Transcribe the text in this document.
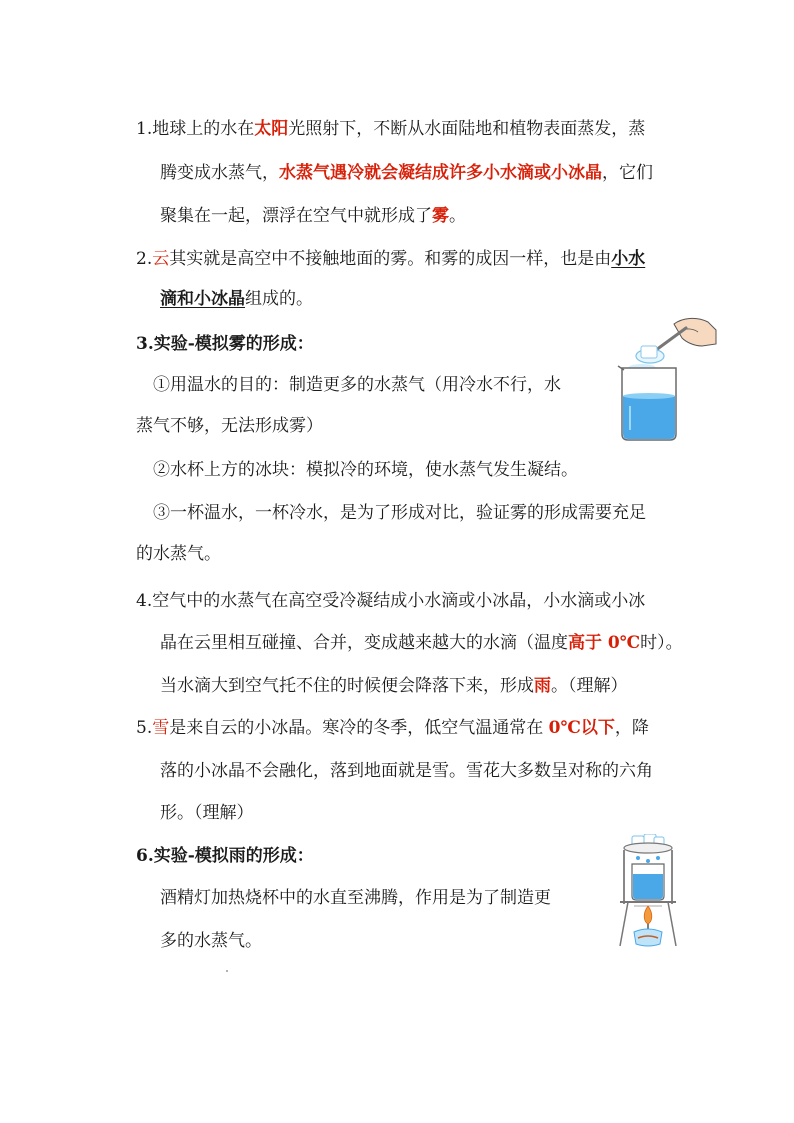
1.地球上的水在太阳光照射下，不断从水面陆地和植物表面蒸发，蒸
腾变成水蒸气，水蒸气遇冷就会凝结成许多小水滴或小冰晶，它们
聚集在一起，漂浮在空气中就形成了雾。
2.云其实就是高空中不接触地面的雾。和雾的成因一样，也是由小水
滴和小冰晶组成的。
3.实验-模拟雾的形成：
①用温水的目的：制造更多的水蒸气（用冷水不行，水
蒸气不够，无法形成雾）
②水杯上方的冰块：模拟冷的环境，使水蒸气发生凝结。
③一杯温水，一杯冷水，是为了形成对比，验证雾的形成需要充足
的水蒸气。
4.空气中的水蒸气在高空受冷凝结成小水滴或小冰晶，小水滴或小冰
晶在云里相互碰撞、合并，变成越来越大的水滴（温度高于 0℃时）。
当水滴大到空气托不住的时候便会降落下来，形成雨。（理解）
5.雪是来自云的小冰晶。寒冷的冬季，低空气温通常在 0℃以下，降
落的小冰晶不会融化，落到地面就是雪。雪花大多数呈对称的六角
形。（理解）
6.实验-模拟雨的形成：
酒精灯加热烧杯中的水直至沸腾，作用是为了制造更
多的水蒸气。
